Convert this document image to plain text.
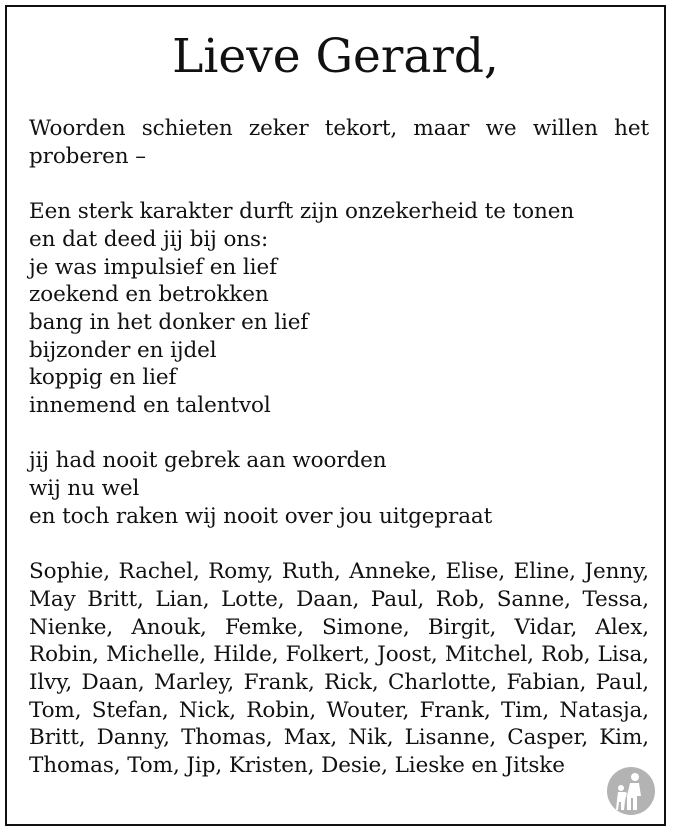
Lieve Gerard,

Woorden schieten zeker tekort, maar we willen het proberen –

Een sterk karakter durft zijn onzekerheid te tonen
en dat deed jij bij ons:
je was impulsief en lief
zoekend en betrokken
bang in het donker en lief
bijzonder en ijdel
koppig en lief
innemend en talentvol
jij had nooit gebrek aan woorden
wij nu wel
en toch raken wij nooit over jou uitgepraat

Sophie, Rachel, Romy, Ruth, Anneke, Elise, Eline, Jenny, May Britt, Lian, Lotte, Daan, Paul, Rob, Sanne, Tessa, Nienke, Anouk, Femke, Simone, Birgit, Vidar, Alex, Robin, Michelle, Hilde, Folkert, Joost, Mitchel, Rob, Lisa, Ilvy, Daan, Marley, Frank, Rick, Charlotte, Fabian, Paul, Tom, Stefan, Nick, Robin, Wouter, Frank, Tim, Natasja, Britt, Danny, Thomas, Max, Nik, Lisanne, Casper, Kim, Thomas, Tom, Jip, Kristen, Desie, Lieske en Jitske
